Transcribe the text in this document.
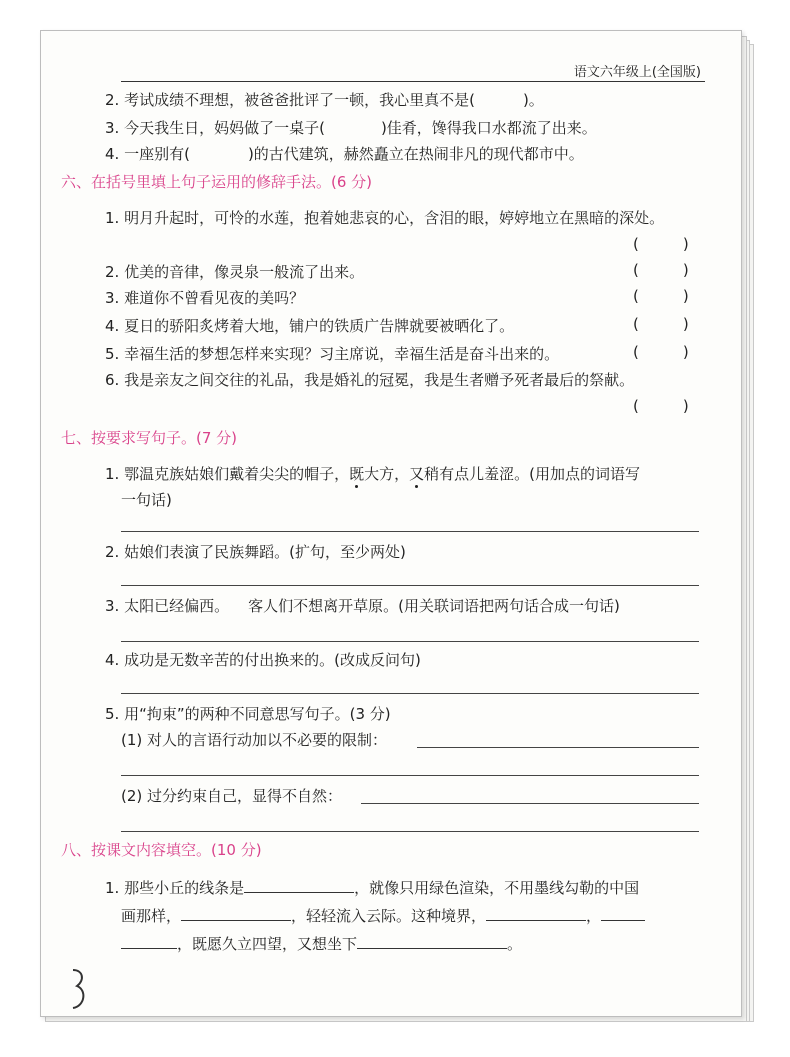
语文六年级上(全国版)
2. 考试成绩不理想，被爸爸批评了一顿，我心里真不是(	)。
3. 今天我生日，妈妈做了一桌子(	)佳肴，馋得我口水都流了出来。
4. 一座别有(	)的古代建筑，赫然矗立在热闹非凡的现代都市中。
六、在括号里填上句子运用的修辞手法。(6 分)
1. 明月升起时，可怜的水莲，抱着她悲哀的心，含泪的眼，婷婷地立在黑暗的深处。
(	)
2. 优美的音律，像灵泉一般流了出来。	(	)
3. 难道你不曾看见夜的美吗？	(	)
4. 夏日的骄阳炙烤着大地，铺户的铁质广告牌就要被晒化了。	(	)
5. 幸福生活的梦想怎样来实现？习主席说，幸福生活是奋斗出来的。	(	)
6. 我是亲友之间交往的礼品，我是婚礼的冠冕，我是生者赠予死者最后的祭献。
(	)
七、按要求写句子。(7 分)
1. 鄂温克族姑娘们戴着尖尖的帽子，既大方，又稍有点儿羞涩。(用加点的词语写
一句话)
2. 姑娘们表演了民族舞蹈。(扩句，至少两处)
3. 太阳已经偏西。    客人们不想离开草原。(用关联词语把两句话合成一句话)
4. 成功是无数辛苦的付出换来的。(改成反问句)
5. 用“拘束”的两种不同意思写句子。(3 分)
(1) 对人的言语行动加以不必要的限制：
(2) 过分约束自己，显得不自然：
八、按课文内容填空。(10 分)
1. 那些小丘的线条是	，就像只用绿色渲染，不用墨线勾勒的中国
画那样，	，轻轻流入云际。这种境界，	，
，既愿久立四望，又想坐下	。
